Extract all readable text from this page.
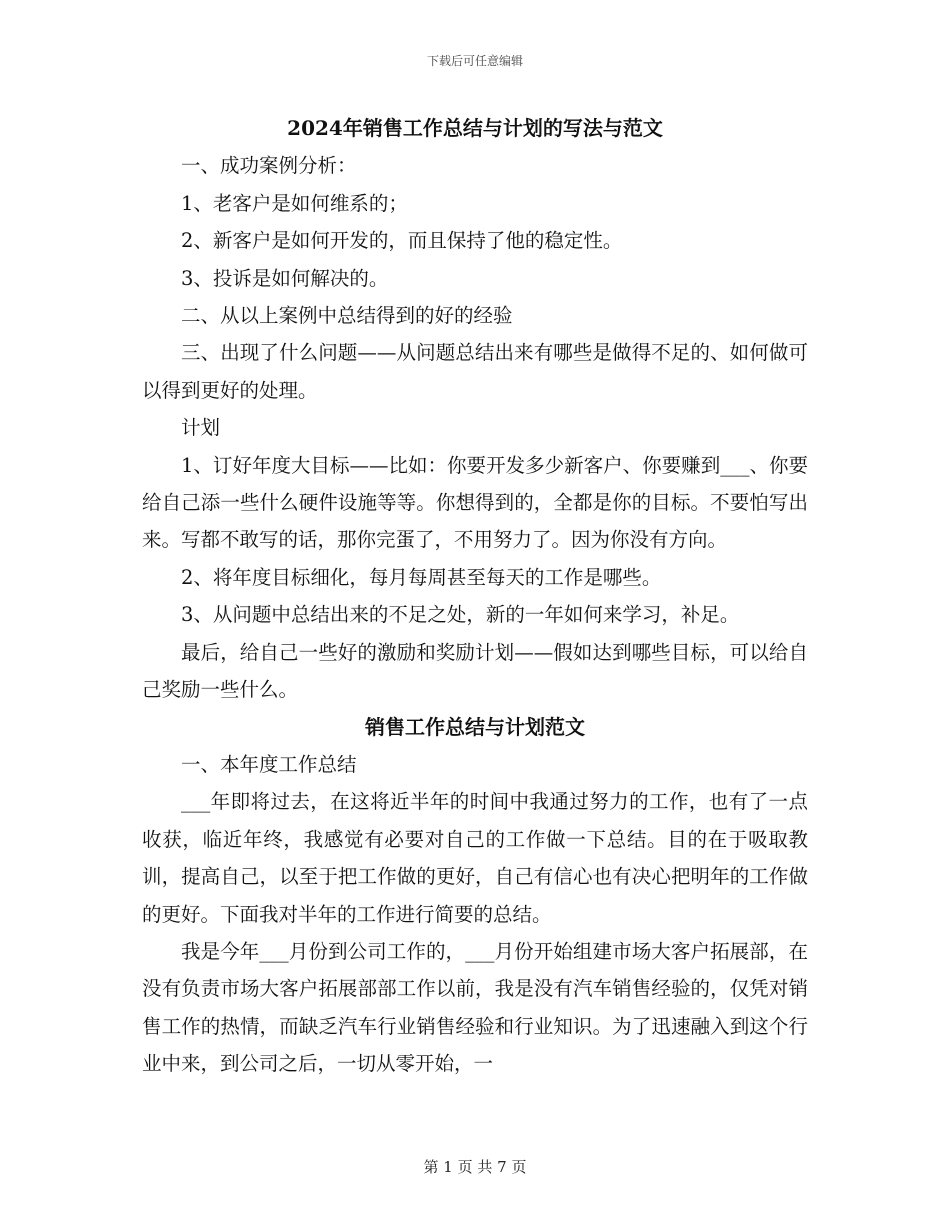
下载后可任意编辑

2024年销售工作总结与计划的写法与范文

一、成功案例分析：

1、老客户是如何维系的；

2、新客户是如何开发的，而且保持了他的稳定性。

3、投诉是如何解决的。

二、从以上案例中总结得到的好的经验

三、出现了什么问题——从问题总结出来有哪些是做得不足的、如何做可以得到更好的处理。

计划

1、订好年度大目标——比如：你要开发多少新客户、你要赚到___、你要给自己添一些什么硬件设施等等。你想得到的，全都是你的目标。不要怕写出来。写都不敢写的话，那你完蛋了，不用努力了。因为你没有方向。

2、将年度目标细化，每月每周甚至每天的工作是哪些。

3、从问题中总结出来的不足之处，新的一年如何来学习，补足。

最后，给自己一些好的激励和奖励计划——假如达到哪些目标，可以给自己奖励一些什么。

销售工作总结与计划范文

一、本年度工作总结

___年即将过去，在这将近半年的时间中我通过努力的工作，也有了一点收获，临近年终，我感觉有必要对自己的工作做一下总结。目的在于吸取教训，提高自己，以至于把工作做的更好，自己有信心也有决心把明年的工作做的更好。下面我对半年的工作进行简要的总结。

我是今年___月份到公司工作的，___月份开始组建市场大客户拓展部，在没有负责市场大客户拓展部部工作以前，我是没有汽车销售经验的，仅凭对销售工作的热情，而缺乏汽车行业销售经验和行业知识。为了迅速融入到这个行业中来，到公司之后，一切从零开始，一

第 1 页 共 7 页
